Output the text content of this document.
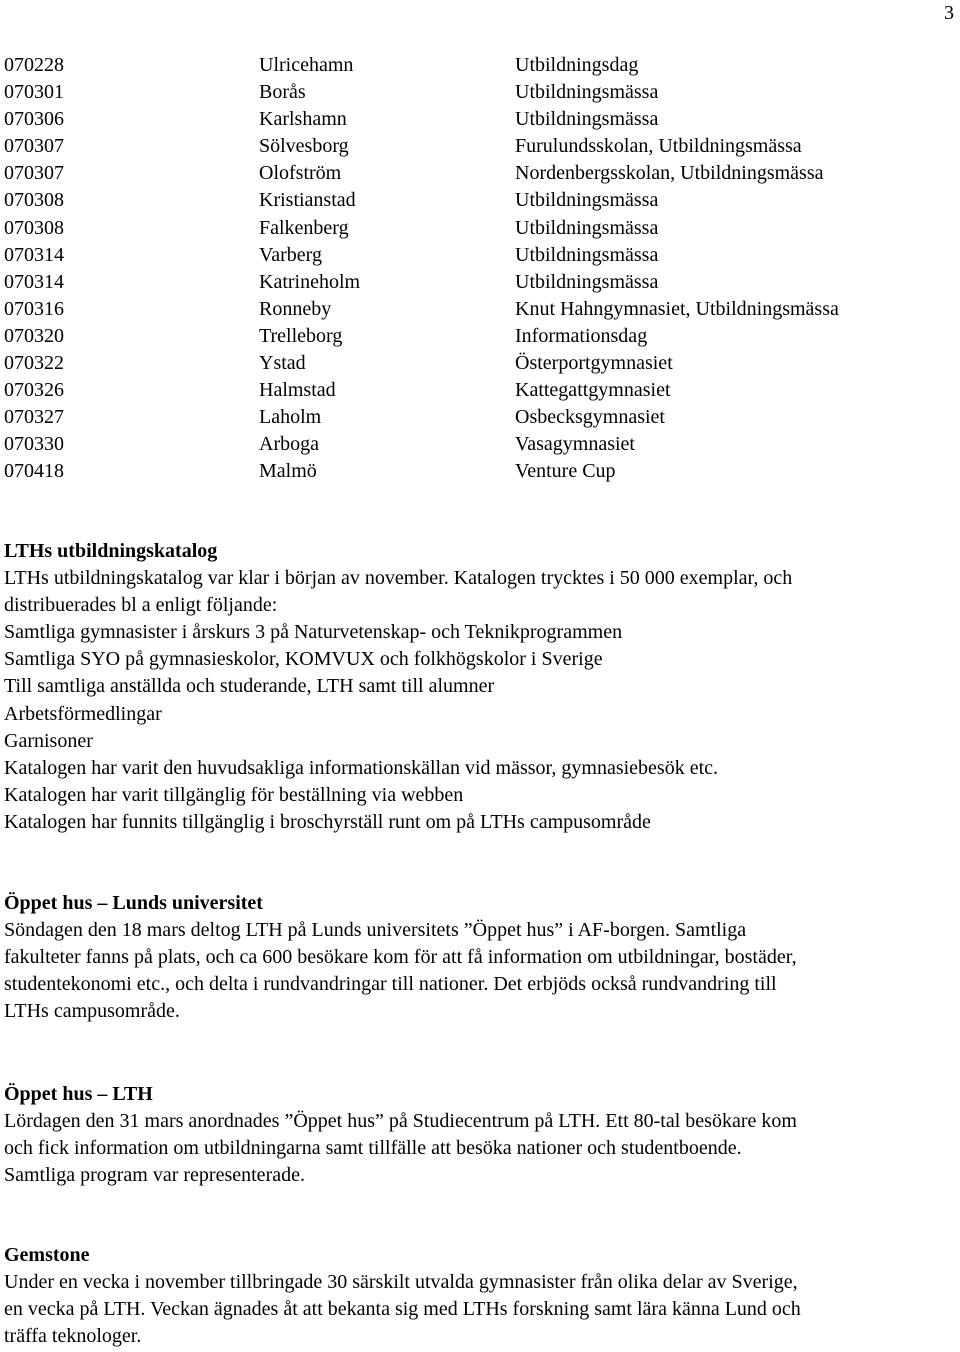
3
070228	Ulricehamn	Utbildningsdag
070301	Borås	Utbildningsmässa
070306	Karlshamn	Utbildningsmässa
070307	Sölvesborg	Furulundsskolan, Utbildningsmässa
070307	Olofström	Nordenbergsskolan, Utbildningsmässa
070308	Kristianstad	Utbildningsmässa
070308	Falkenberg	Utbildningsmässa
070314	Varberg	Utbildningsmässa
070314	Katrineholm	Utbildningsmässa
070316	Ronneby	Knut Hahngymnasiet, Utbildningsmässa
070320	Trelleborg	Informationsdag
070322	Ystad	Österportgymnasiet
070326	Halmstad	Kattegattgymnasiet
070327	Laholm	Osbecksgymnasiet
070330	Arboga	Vasagymnasiet
070418	Malmö	Venture Cup
LTHs utbildningskatalog

LTHs utbildningskatalog var klar i början av november. Katalogen trycktes i 50 000 exemplar, och
distribuerades bl a enligt följande:
Samtliga gymnasister i årskurs 3 på Naturvetenskap- och Teknikprogrammen
Samtliga SYO på gymnasieskolor, KOMVUX och folkhögskolor i Sverige
Till samtliga anställda och studerande, LTH samt till alumner
Arbetsförmedlingar
Garnisoner
Katalogen har varit den huvudsakliga informationskällan vid mässor, gymnasiebesök etc.
Katalogen har varit tillgänglig för beställning via webben
Katalogen har funnits tillgänglig i broschyrställ runt om på LTHs campusområde

Öppet hus – Lunds universitet

Söndagen den 18 mars deltog LTH på Lunds universitets ”Öppet hus” i AF-borgen. Samtliga
fakulteter fanns på plats, och ca 600 besökare kom för att få information om utbildningar, bostäder,
studentekonomi etc., och delta i rundvandringar till nationer. Det erbjöds också rundvandring till
LTHs campusområde.

Öppet hus – LTH

Lördagen den 31 mars anordnades ”Öppet hus” på Studiecentrum på LTH. Ett 80-tal besökare kom
och fick information om utbildningarna samt tillfälle att besöka nationer och studentboende.
Samtliga program var representerade.

Gemstone

Under en vecka i november tillbringade 30 särskilt utvalda gymnasister från olika delar av Sverige,
en vecka på LTH. Veckan ägnades åt att bekanta sig med LTHs forskning samt lära känna Lund och
träffa teknologer.
